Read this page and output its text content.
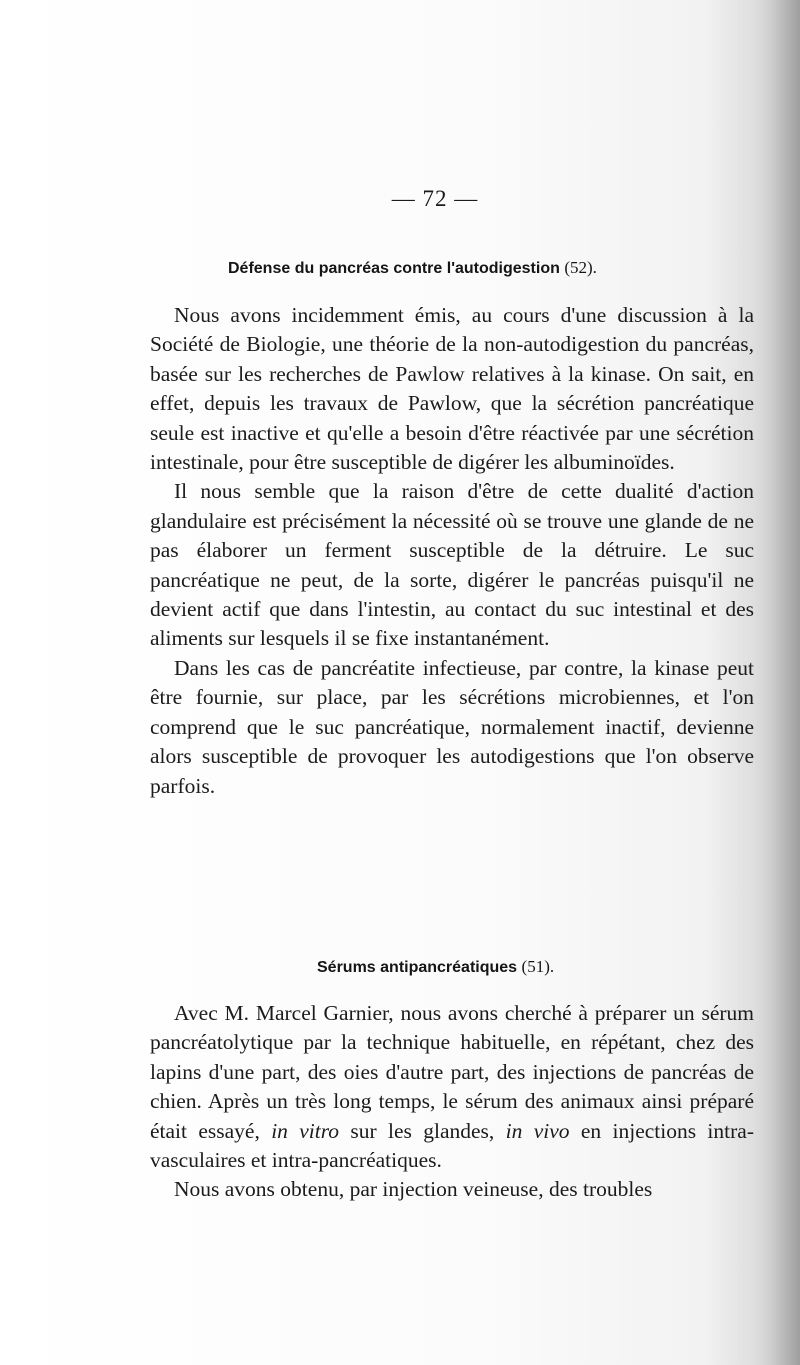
— 72 —
Défense du pancréas contre l'autodigestion (52).

Nous avons incidemment émis, au cours d'une discussion à la Société de Biologie, une théorie de la non-autodigestion du pancréas, basée sur les recherches de Pawlow relatives à la kinase. On sait, en effet, depuis les travaux de Pawlow, que la sécrétion pancréatique seule est inactive et qu'elle a besoin d'être réactivée par une sécrétion intestinale, pour être susceptible de digérer les albuminoïdes.

Il nous semble que la raison d'être de cette dualité d'action glandulaire est précisément la nécessité où se trouve une glande de ne pas élaborer un ferment susceptible de la détruire. Le suc pancréatique ne peut, de la sorte, digérer le pancréas puisqu'il ne devient actif que dans l'intestin, au contact du suc intestinal et des aliments sur lesquels il se fixe instantanément.

Dans les cas de pancréatite infectieuse, par contre, la kinase peut être fournie, sur place, par les sécrétions microbiennes, et l'on comprend que le suc pancréatique, normalement inactif, devienne alors susceptible de provoquer les autodigestions que l'on observe parfois.

Sérums antipancréatiques (51).

Avec M. Marcel Garnier, nous avons cherché à préparer un sérum pancréatolytique par la technique habituelle, en répétant, chez des lapins d'une part, des oies d'autre part, des injections de pancréas de chien. Après un très long temps, le sérum des animaux ainsi préparé était essayé, in vitro sur les glandes, in vivo en injections intra-vasculaires et intra-pancréatiques.

Nous avons obtenu, par injection veineuse, des troubles
